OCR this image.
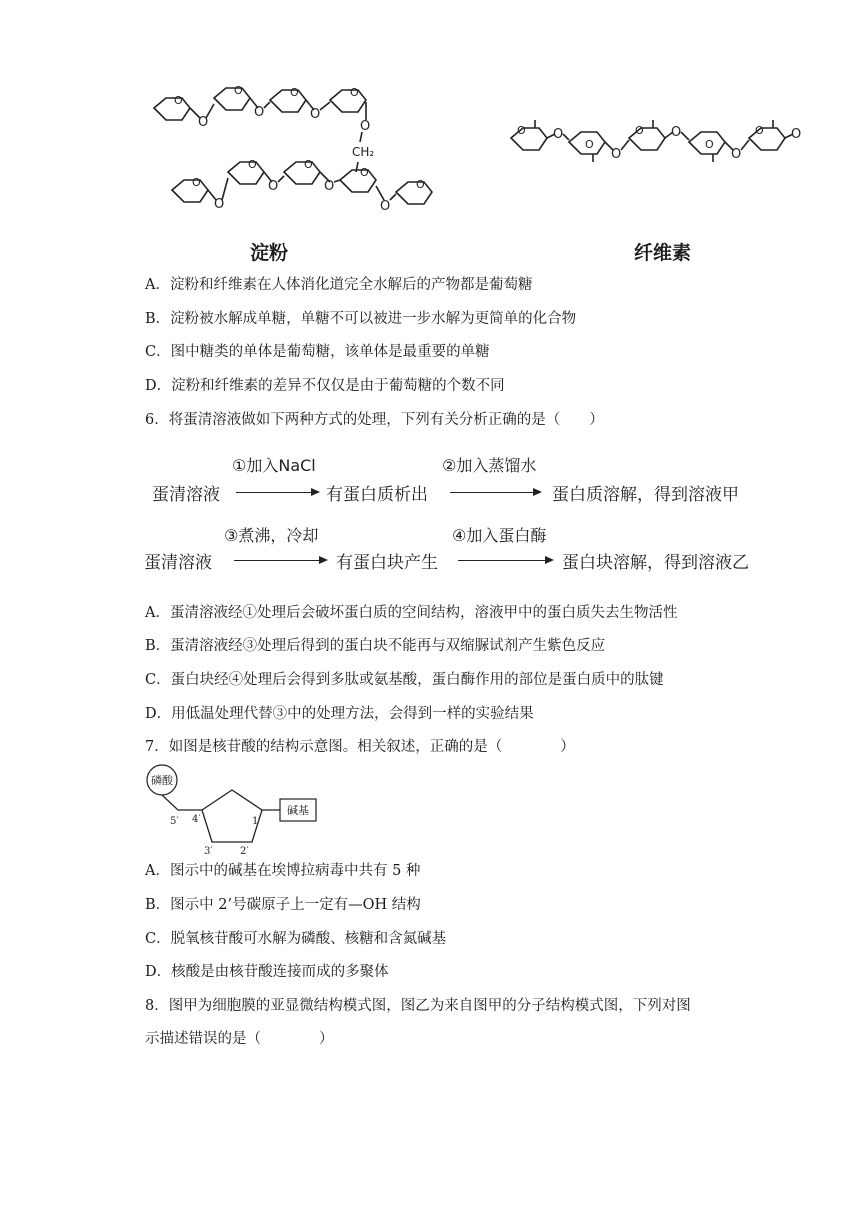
O
O	O
O
CH₂
O
O	O	O
O
O	O
O
O
O	O
O
O
淀粉
O
O
O
O
O
O
O
O
O
O
纤维素
A．淀粉和纤维素在人体消化道完全水解后的产物都是葡萄糖
B．淀粉被水解成单糖，单糖不可以被进一步水解为更简单的化合物
C．图中糖类的单体是葡萄糖，该单体是最重要的单糖
D．淀粉和纤维素的差异不仅仅是由于葡萄糖的个数不同
6．将蛋清溶液做如下两种方式的处理，下列有关分析正确的是（　　）
①加入NaCl	②加入蒸馏水
蛋清溶液	有蛋白质析出	蛋白质溶解，得到溶液甲
③煮沸，冷却	④加入蛋白酶
蛋清溶液	有蛋白块产生	蛋白块溶解，得到溶液乙
A．蛋清溶液经①处理后会破坏蛋白质的空间结构，溶液甲中的蛋白质失去生物活性
B．蛋清溶液经③处理后得到的蛋白块不能再与双缩脲试剂产生紫色反应
C．蛋白块经④处理后会得到多肽或氨基酸，蛋白酶作用的部位是蛋白质中的肽键
D．用低温处理代替③中的处理方法，会得到一样的实验结果
7．如图是核苷酸的结构示意图。相关叙述，正确的是（　　　　）
磷酸
碱基
5′ 4′	1′
3′	2′
A．图示中的碱基在埃博拉病毒中共有 5 种
B．图示中 2’号碳原子上一定有—OH 结构
C．脱氧核苷酸可水解为磷酸、核糖和含氮碱基
D．核酸是由核苷酸连接而成的多聚体
8．图甲为细胞膜的亚显微结构模式图，图乙为来自图甲的分子结构模式图，下列对图
示描述错误的是（　　　　）
